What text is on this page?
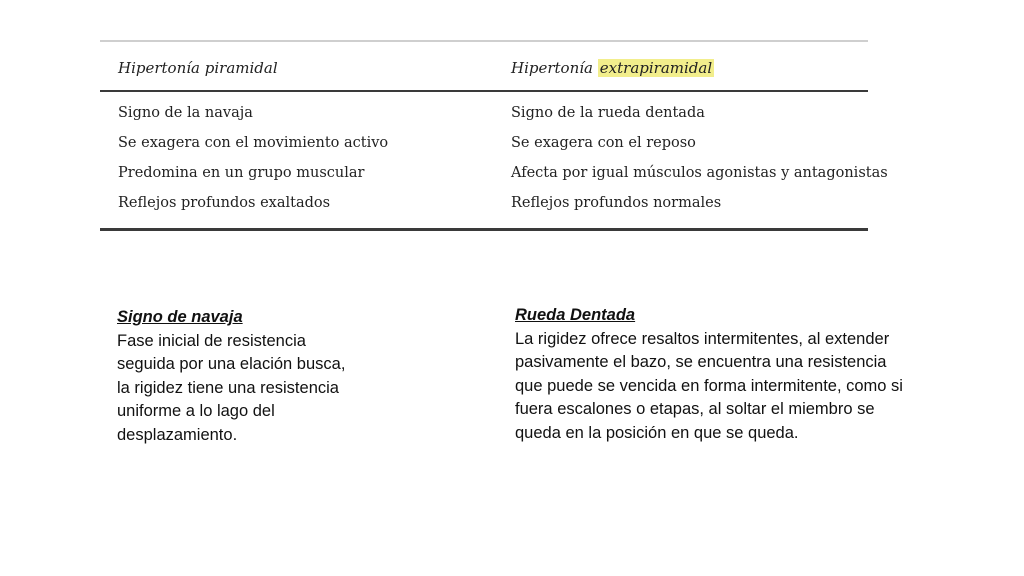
Hipertonía piramidal	Hipertonía extrapiramidal
Signo de la navaja
Se exagera con el movimiento activo
Predomina en un grupo muscular
Reflejos profundos exaltados
Signo de la rueda dentada
Se exagera con el reposo
Afecta por igual músculos agonistas y antagonistas
Reflejos profundos normales
Signo de navaja
Fase inicial de resistencia seguida por una elación busca, la rigidez tiene una resistencia uniforme a lo lago del desplazamiento.
Rueda Dentada
La rigidez ofrece resaltos intermitentes, al extender pasivamente el bazo, se encuentra una resistencia que puede se vencida en forma intermitente, como si fuera escalones o etapas, al soltar el miembro se queda en la posición en que se queda.
